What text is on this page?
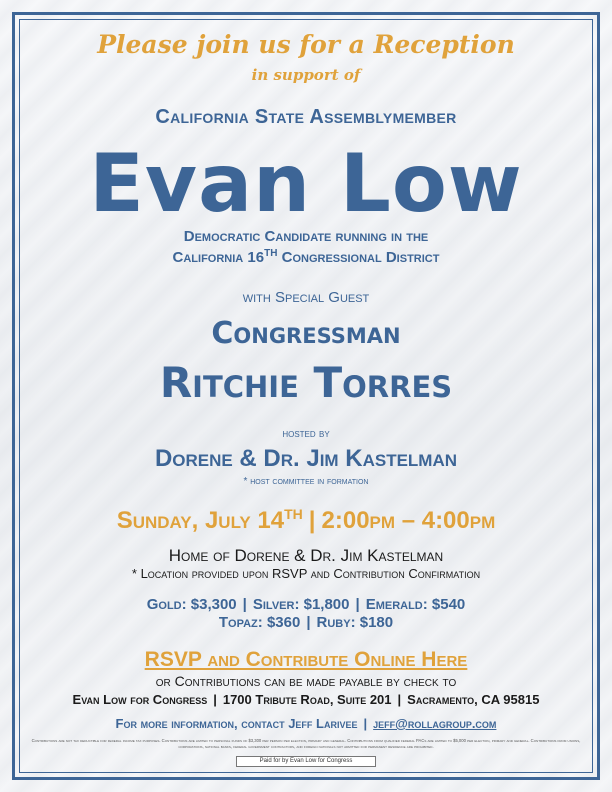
Please join us for a Reception
in support of
California State Assemblymember
Evan Low
Democratic Candidate running in the
California 16TH Congressional District
with Special Guest
Congressman
Ritchie Torres
hosted by
Dorene & Dr. Jim Kastelman
* host committee in formation
Sunday, July 14TH | 2:00pm – 4:00pm
Home of Dorene & Dr. Jim Kastelman
* Location provided upon RSVP and Contribution Confirmation
Gold: $3,300 | Silver: $1,800 | Emerald: $540
Topaz: $360 | Ruby: $180
RSVP and Contribute Online Here
or Contributions can be made payable by check to
Evan Low for Congress | 1700 Tribute Road, Suite 201 | Sacramento, CA 95815
For more information, contact Jeff Larivee | jeff@rollagroup.com
Contributions are not tax deductible for federal income tax purposes. Contributions are limited to personal funds of $3,300 per person per election, primary and general. Contributions from qualified federal PACs are limited to $5,000 per election, primary and general. Contributions from unions, corporations, national banks, federal government contractors, and foreign nationals not admitted for permanent residence are prohibited.
Paid for by Evan Low for Congress
